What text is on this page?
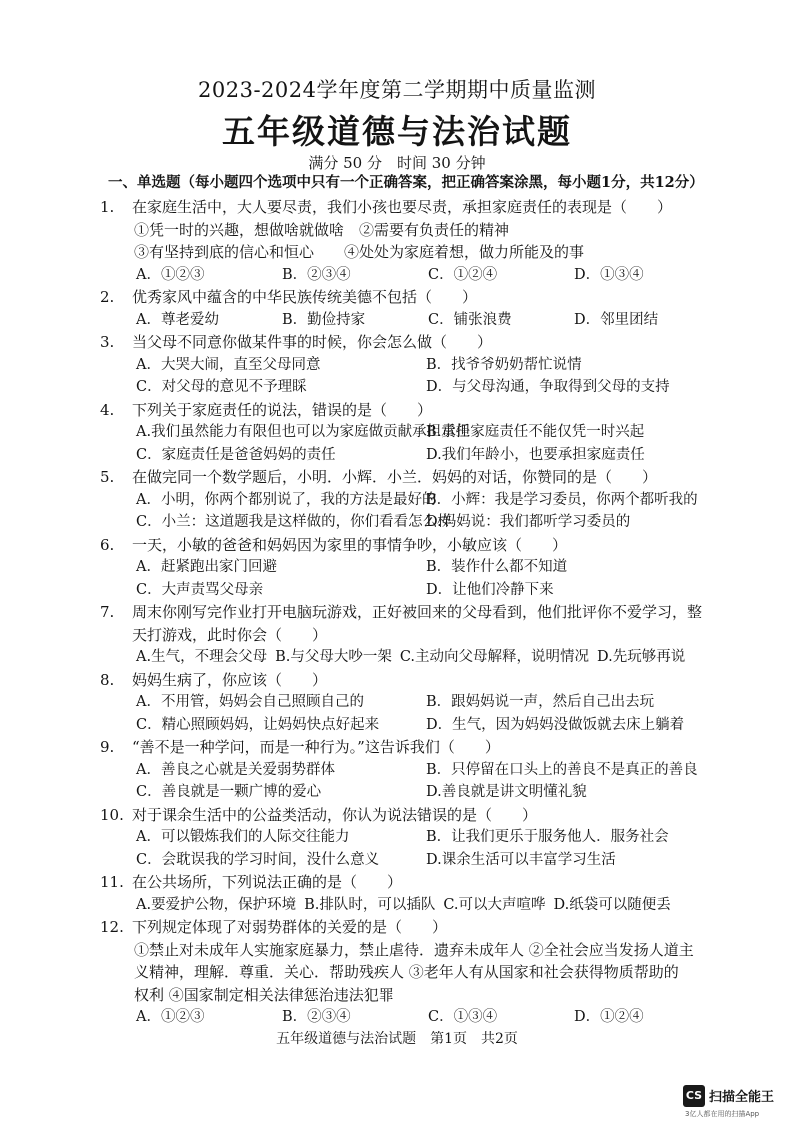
2023-2024学年度第二学期期中质量监测
五年级道德与法治试题
满分 50 分　时间 30 分钟
一、单选题（每小题四个选项中只有一个正确答案，把正确答案涂黑，每小题1分，共12分）
1.	在家庭生活中，大人要尽责，我们小孩也要尽责，承担家庭责任的表现是（　　）
①凭一时的兴趣，想做啥就做啥　②需要有负责任的精神
③有坚持到底的信心和恒心　　④处处为家庭着想，做力所能及的事
A．①②③	B．②③④	C．①②④	D．①③④
2.	优秀家风中蕴含的中华民族传统美德不包括（　　）
A．尊老爱幼	B．勤俭持家	C．铺张浪费	D．邻里团结
3.	当父母不同意你做某件事的时候，你会怎么做（　　）
A．大哭大闹，直至父母同意	B．找爷爷奶奶帮忙说情
C．对父母的意见不予理睬	D．与父母沟通，争取得到父母的支持
4.	下列关于家庭责任的说法，错误的是（　　）
A.我们虽然能力有限但也可以为家庭做贡献承担责任
B.承担家庭责任不能仅凭一时兴起
C．家庭责任是爸爸妈妈的责任	D.我们年龄小，也要承担家庭责任
5.	在做完同一个数学题后，小明．小辉．小兰．妈妈的对话，你赞同的是（　　）
A．小明，你两个都别说了，我的方法是最好的
B．小辉：我是学习委员，你两个都听我的
C．小兰：这道题我是这样做的，你们看看怎么样
D.妈妈说：我们都听学习委员的
6.	一天，小敏的爸爸和妈妈因为家里的事情争吵，小敏应该（　　）
A．赶紧跑出家门回避	B．装作什么都不知道
C．大声责骂父母亲	D．让他们冷静下来
7.	周末你刚写完作业打开电脑玩游戏，正好被回来的父母看到，他们批评你不爱学习，整
天打游戏，此时你会（　　）
A.生气，不理会父母 B.与父母大吵一架 C.主动向父母解释，说明情况 D.先玩够再说
8.	妈妈生病了，你应该（　　）
A．不用管，妈妈会自己照顾自己的	B．跟妈妈说一声，然后自己出去玩
C．精心照顾妈妈，让妈妈快点好起来	D．生气，因为妈妈没做饭就去床上躺着
9.	“善不是一种学问，而是一种行为。”这告诉我们（　　）
A．善良之心就是关爱弱势群体	B．只停留在口头上的善良不是真正的善良
C．善良就是一颗广博的爱心	D.善良就是讲文明懂礼貌
10. 对于课余生活中的公益类活动，你认为说法错误的是（　　）
A．可以锻炼我们的人际交往能力	B．让我们更乐于服务他人．服务社会
C．会耽误我的学习时间，没什么意义	D.课余生活可以丰富学习生活
11. 在公共场所，下列说法正确的是（　　）
A.要爱护公物，保护环境 B.排队时，可以插队 C.可以大声喧哗 D.纸袋可以随便丢
12. 下列规定体现了对弱势群体的关爱的是（　　）
①禁止对未成年人实施家庭暴力，禁止虐待．遗弃未成年人 ②全社会应当发扬人道主
义精神，理解．尊重．关心．帮助残疾人 ③老年人有从国家和社会获得物质帮助的
权利 ④国家制定相关法律惩治违法犯罪
A．①②③	B．②③④	C．①③④	D．①②④
五年级道德与法治试题　第1页　共2页
CS 扫描全能王
3亿人都在用的扫描App
